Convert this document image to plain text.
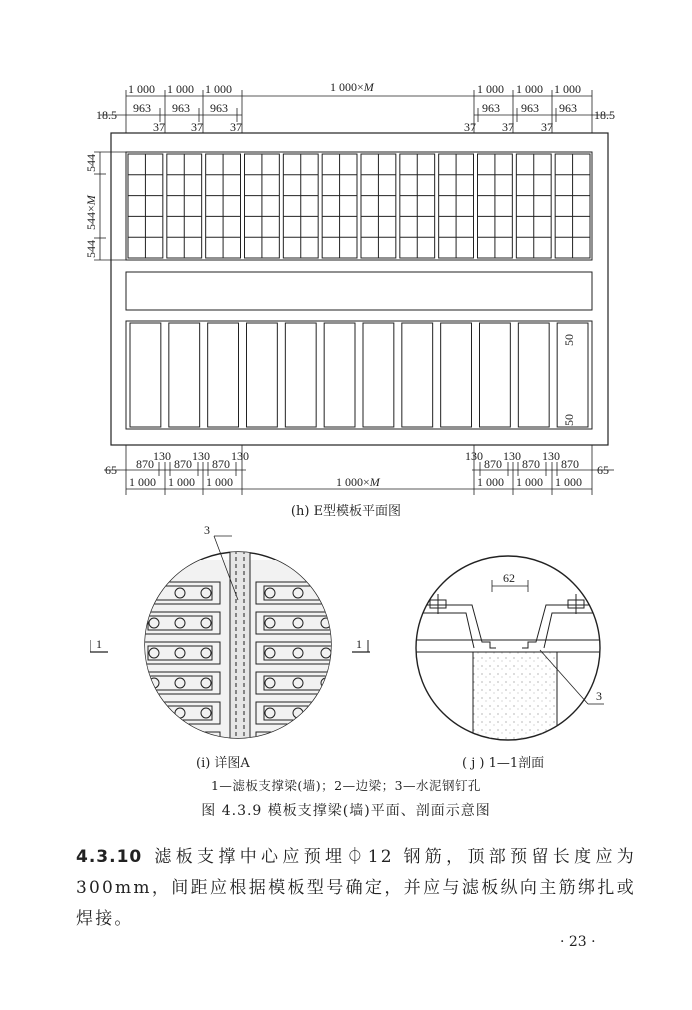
18.5	18.5
1 000 1 000 1 000	1 000 1 000 1 000
963 963 963	963 963 963
37 37 37	37 37 37
1 000×M
544
544×M
544
50
50
65	65
130 130 130	130 130 130
870 870 870	870 870 870
1 000 1 000 1 000	1 000 1 000 1 000
1 000×M
(h) E型模板平面图
1	1
3
(i) 详图A
62
3
( j ) 1—1剖面
1—滤板支撑梁(墙)；2—边梁；3—水泥钢钉孔
图 4.3.9 模板支撑梁(墙)平面、剖面示意图
4.3.10 滤板支撑中心应预埋⏀12 钢筋，顶部预留长度应为300mm，间距应根据模板型号确定，并应与滤板纵向主筋绑扎或焊接。
· 23 ·
